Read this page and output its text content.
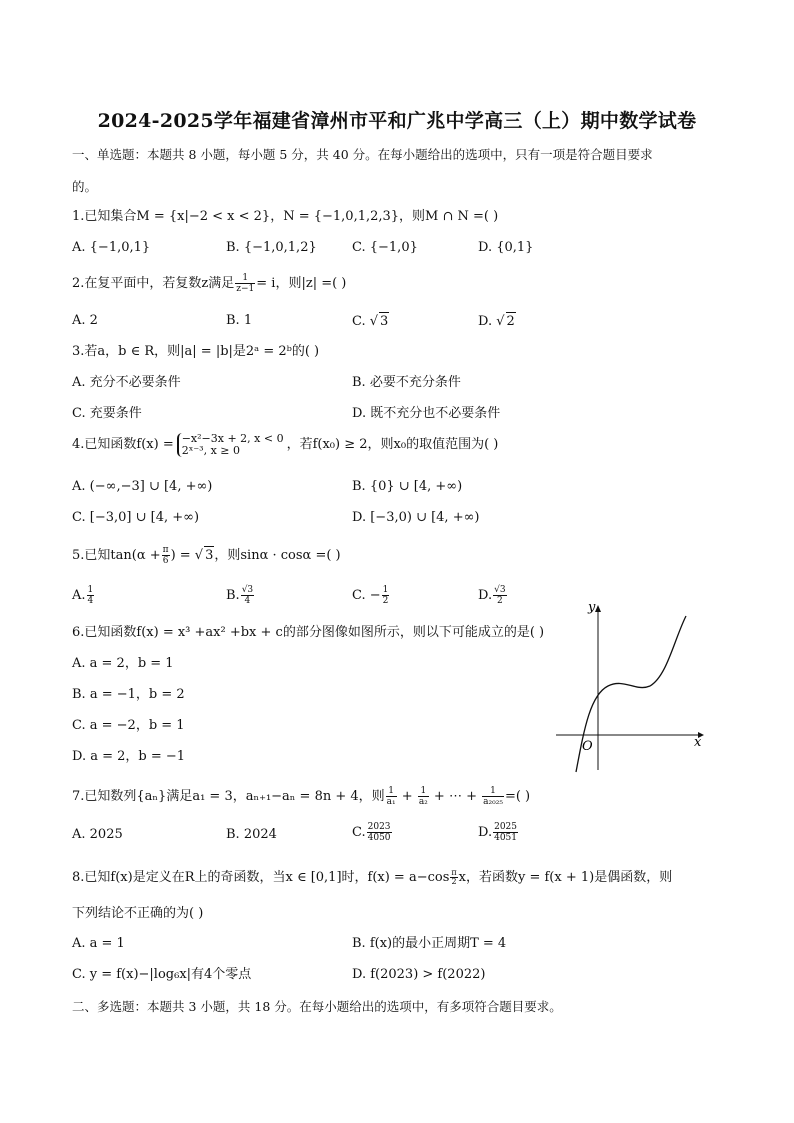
2024-2025学年福建省漳州市平和广兆中学高三（上）期中数学试卷
一、单选题：本题共 8 小题，每小题 5 分，共 40 分。在每小题给出的选项中，只有一项是符合题目要求
的。
1.已知集合M = {x|−2 < x < 2}，N = {−1,0,1,2,3}，则M ∩ N =( )
A. {−1,0,1}	B. {−1,0,1,2}	C. {−1,0}	D. {0,1}
2.在复平面中，若复数z满足 $\frac{1}{z-1} = i$，则|z| =( )
A. 2	B. 1	C. √ 3	D. √ 2
3.若a，b ∈ R，则|a| = |b|是2ᵃ = 2ᵇ的( )
A. 充分不必要条件	B. 必要不充分条件
C. 充要条件	D. 既不充分也不必要条件
4.已知函数f(x) = −x²−3x + 2, x < 0
2ˣ⁻³, x ≥ 0	，若f(x₀) ≥ 2，则x₀的取值范围为( )
A. (−∞,−3] ∪ [4, +∞)	B. {0} ∪ [4, +∞)
C. [−3,0] ∪ [4, +∞)	D. [−3,0) ∪ [4, +∞)
5.已知$\tan(\alpha + \frac{\pi}{6}$ ) = √ 3，则sinα · cosα =( )
A. $\frac{1}{4}$	B. $\frac{√3}{4}$	C. − $\frac{1}{2}$	D. $\frac{√3}{2}$
6.已知函数f(x) = x³ +ax² +bx + c的部分图像如图所示，则以下可能成立的是( )
A. a = 2，b = 1
B. a = −1，b = 2
C. a = −2，b = 1
D. a = 2，b = −1
y
x
O
7.已知数列{aₙ}满足a₁ = 3，aₙ₊₁−aₙ = 8n + 4，则 $\frac{1}{\text{a₁}} + \frac{1}{\text{a₂}}$ + ⋯ + $\frac{1}{\text{a₂₀₂₅}}$ =( )
A. 2025	B. 2024	C. $\frac{2023}{4050}$	D. $\frac{2025}{4051}$
8.已知f(x)是定义在R上的奇函数，当x ∈ [0,1]时，$f(x) = a-\cos \frac{\pi}{2}$ x，若函数y = f(x + 1)是偶函数，则
下列结论不正确的为( )
A. a = 1	B. f(x)的最小正周期T = 4
C. y = f(x)−|log₆x|有4个零点	D. f(2023) > f(2022)
二、多选题：本题共 3 小题，共 18 分。在每小题给出的选项中，有多项符合题目要求。
